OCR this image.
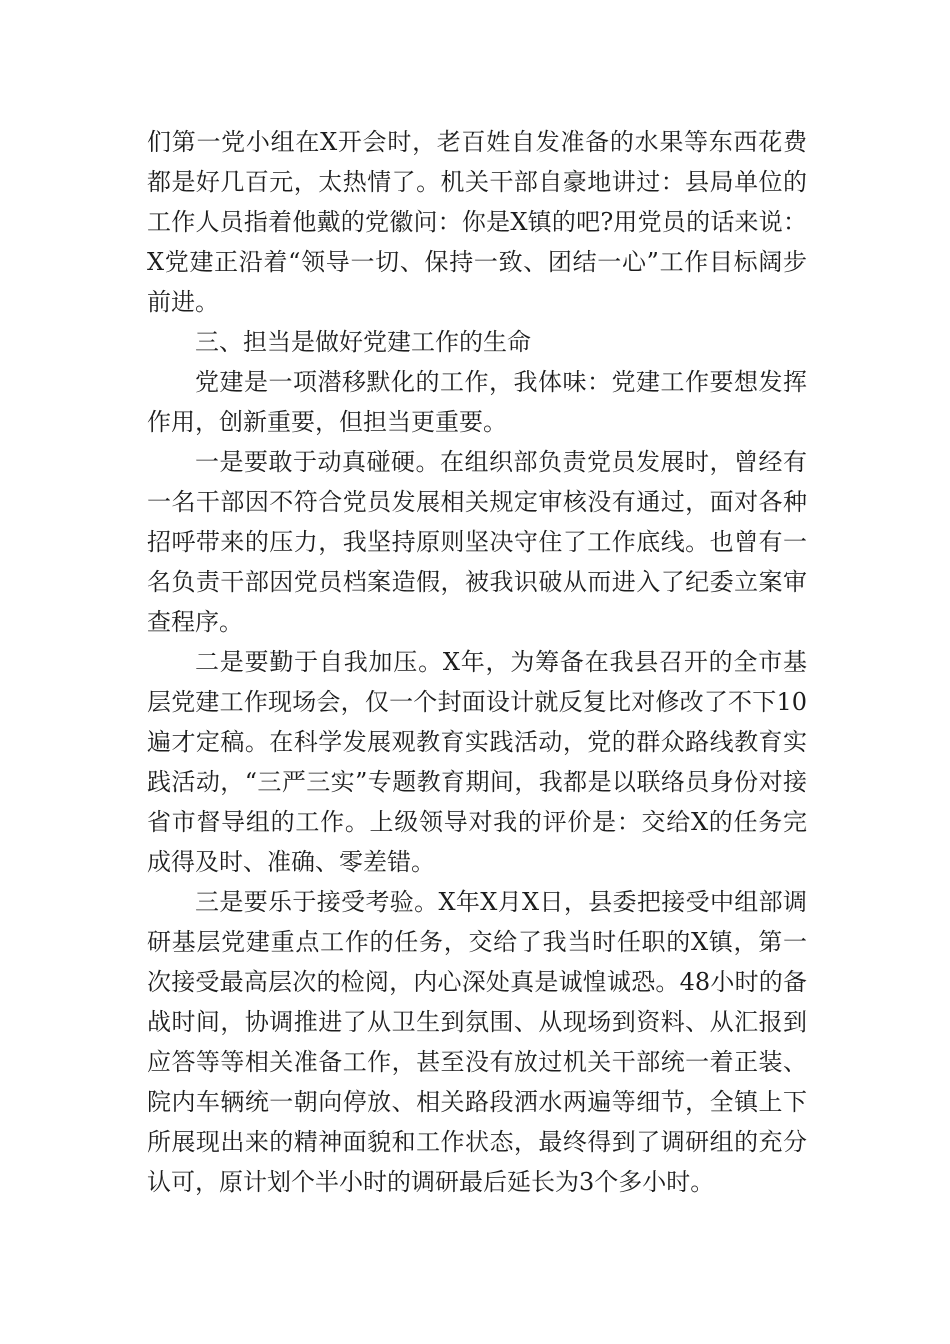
们第一党小组在X开会时，老百姓自发准备的水果等东西花费都是好几百元，太热情了。机关干部自豪地讲过：县局单位的工作人员指着他戴的党徽问：你是X镇的吧?用党员的话来说：X党建正沿着“领导一切、保持一致、团结一心”工作目标阔步前进。

三、担当是做好党建工作的生命

党建是一项潜移默化的工作，我体味：党建工作要想发挥作用，创新重要，但担当更重要。

一是要敢于动真碰硬。在组织部负责党员发展时，曾经有一名干部因不符合党员发展相关规定审核没有通过，面对各种招呼带来的压力，我坚持原则坚决守住了工作底线。也曾有一名负责干部因党员档案造假，被我识破从而进入了纪委立案审查程序。

二是要勤于自我加压。X年，为筹备在我县召开的全市基层党建工作现场会，仅一个封面设计就反复比对修改了不下10遍才定稿。在科学发展观教育实践活动，党的群众路线教育实践活动，“三严三实”专题教育期间，我都是以联络员身份对接省市督导组的工作。上级领导对我的评价是：交给X的任务完成得及时、准确、零差错。

三是要乐于接受考验。X年X月X日，县委把接受中组部调研基层党建重点工作的任务，交给了我当时任职的X镇，第一次接受最高层次的检阅，内心深处真是诚惶诚恐。48小时的备战时间，协调推进了从卫生到氛围、从现场到资料、从汇报到应答等等相关准备工作，甚至没有放过机关干部统一着正装、院内车辆统一朝向停放、相关路段洒水两遍等细节，全镇上下所展现出来的精神面貌和工作状态，最终得到了调研组的充分认可，原计划个半小时的调研最后延长为3个多小时。
